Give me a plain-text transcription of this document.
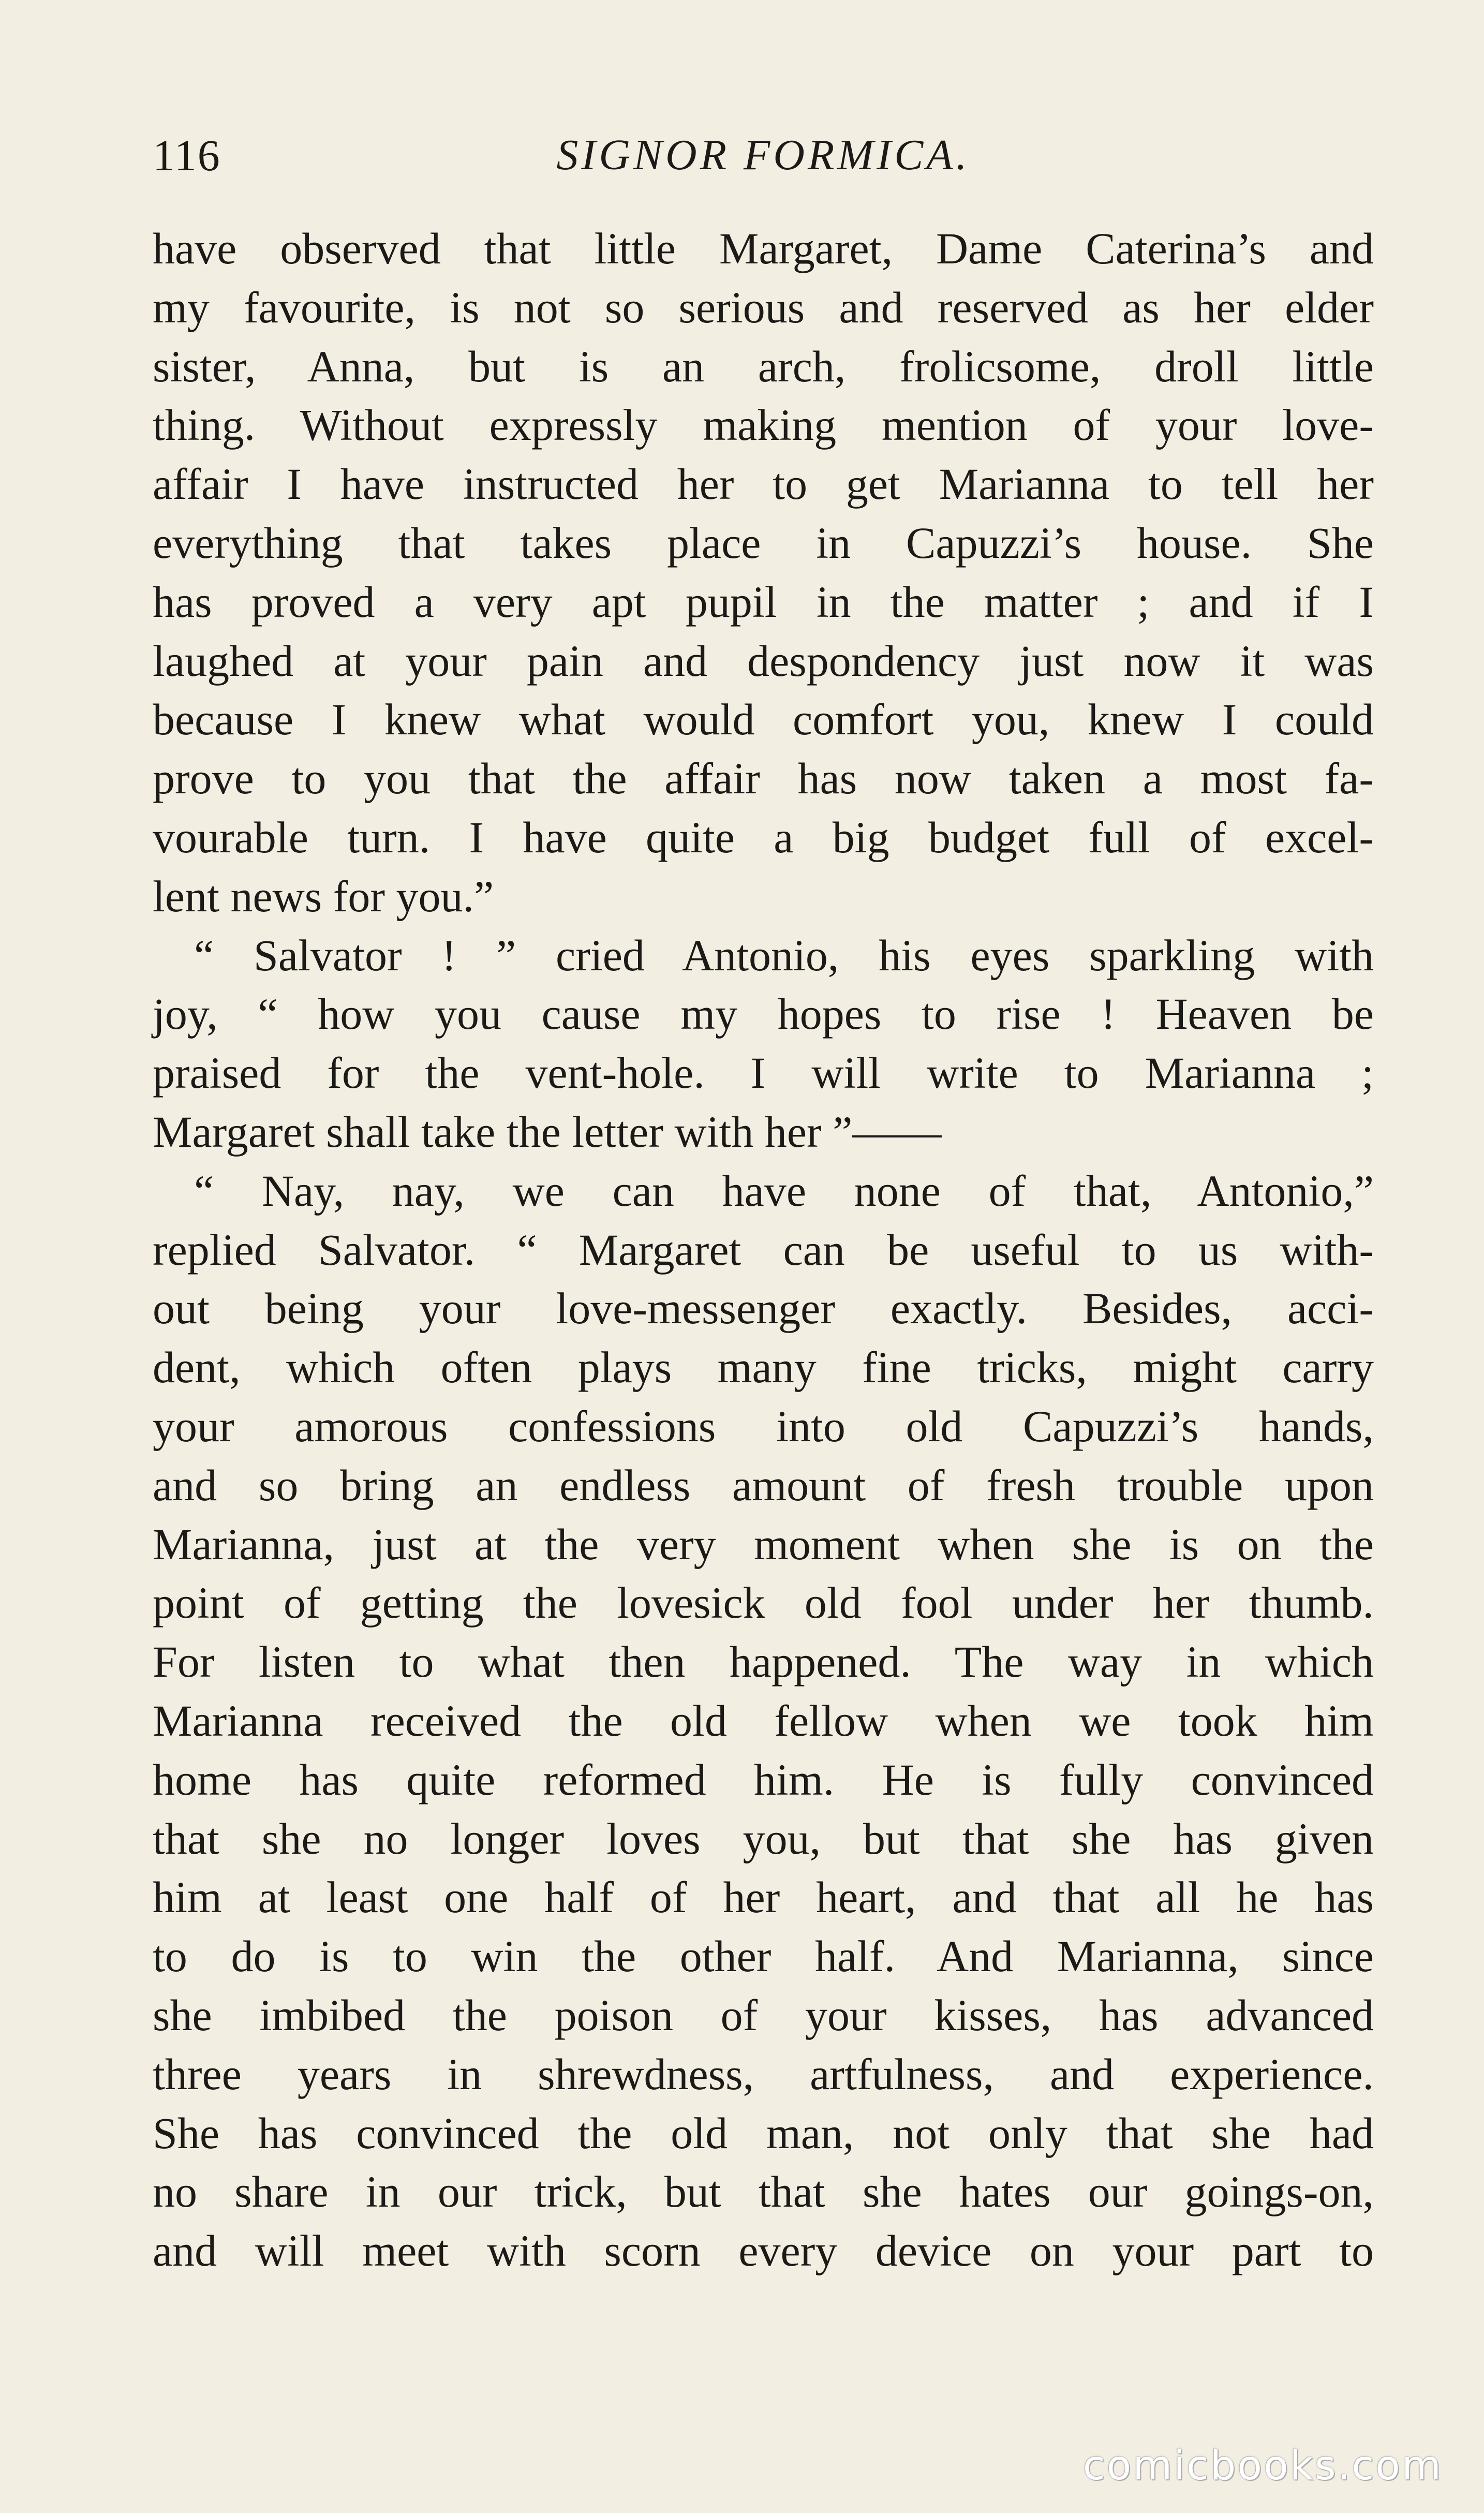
116	SIGNOR FORMICA.
have observed that little Margaret, Dame Caterina’s and
my favourite, is not so serious and reserved as her elder
sister, Anna, but is an arch, frolicsome, droll little
thing. Without expressly making mention of your love-
affair I have instructed her to get Marianna to tell her
everything that takes place in Capuzzi’s house. She
has proved a very apt pupil in the matter ; and if I
laughed at your pain and despondency just now it was
because I knew what would comfort you, knew I could
prove to you that the affair has now taken a most fa-
vourable turn. I have quite a big budget full of excel-
lent news for you.”
“ Salvator ! ” cried Antonio, his eyes sparkling with
joy, “ how you cause my hopes to rise ! Heaven be
praised for the vent-hole. I will write to Marianna ;
Margaret shall take the letter with her ”——
“ Nay, nay, we can have none of that, Antonio,”
replied Salvator. “ Margaret can be useful to us with-
out being your love-messenger exactly. Besides, acci-
dent, which often plays many fine tricks, might carry
your amorous confessions into old Capuzzi’s hands,
and so bring an endless amount of fresh trouble upon
Marianna, just at the very moment when she is on the
point of getting the lovesick old fool under her thumb.
For listen to what then happened. The way in which
Marianna received the old fellow when we took him
home has quite reformed him. He is fully convinced
that she no longer loves you, but that she has given
him at least one half of her heart, and that all he has
to do is to win the other half. And Marianna, since
she imbibed the poison of your kisses, has advanced
three years in shrewdness, artfulness, and experience.
She has convinced the old man, not only that she had
no share in our trick, but that she hates our goings-on,
and will meet with scorn every device on your part to
comicbooks.com
